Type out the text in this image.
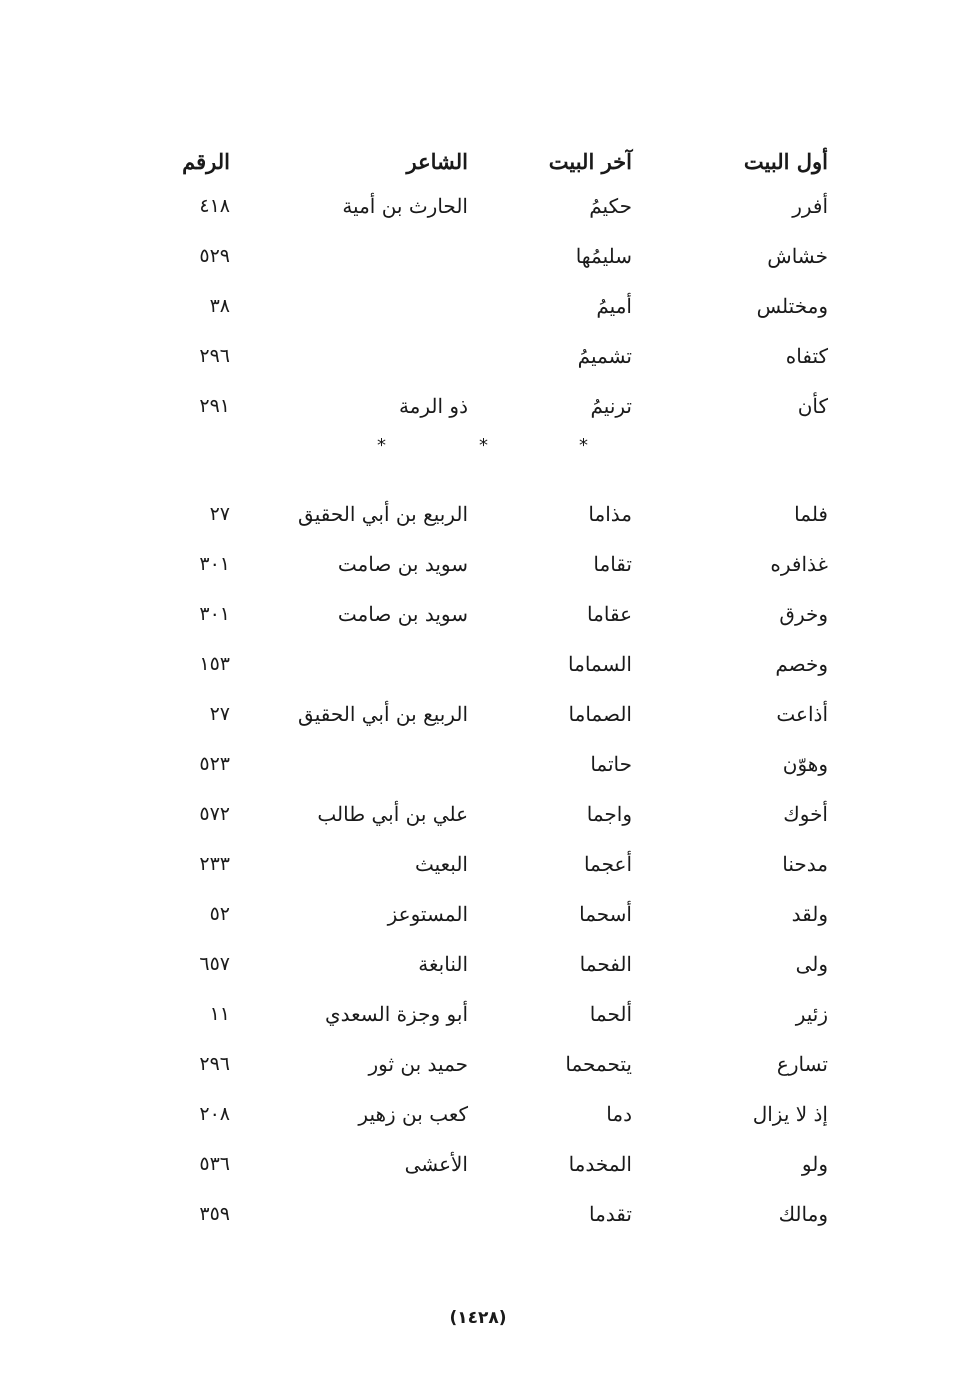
أول البيت
آخر البيت
الشاعر
الرقم
أفرر
حكيمُ
الحارث بن أمية
٤١٨
خشاش
سليمُها
٥٢٩
ومختلس
أميمُ
٣٨
كتفاه
تشميمُ
٢٩٦
كأن
ترنيمُ
ذو الرمة
٢٩١
*
*
*
فلما
مذاما
الربيع بن أبي الحقيق
٢٧
غذافره
تقاما
سويد بن صامت
٣٠١
وخرق
عقاما
سويد بن صامت
٣٠١
وخصم
السماما
١٥٣
أذاعت
الصماما
الربيع بن أبي الحقيق
٢٧
وهوّن
حاتما
٥٢٣
أخوك
واجما
علي بن أبي طالب
٥٧٢
مدحنا
أعجما
البعيث
٢٣٣
ولقد
أسحما
المستوعز
٥٢
ولى
الفحما
النابغة
٦٥٧
زئير
ألحما
أبو وجزة السعدي
١١
تسارع
يتحمحما
حميد بن ثور
٢٩٦
إذ لا يزال
دما
كعب بن زهير
٢٠٨
ولو
المخدما
الأعشى
٥٣٦
ومالك
تقدما
٣٥٩
(١٤٢٨)
